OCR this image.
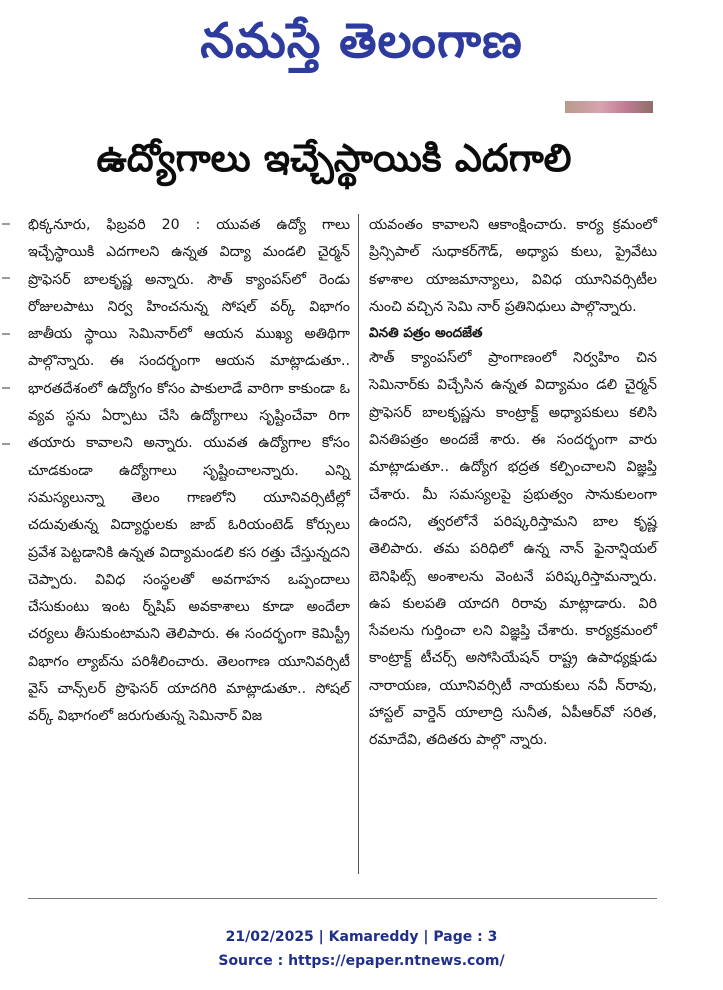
నమస్తే తెలంగాణ
ఉద్యోగాలు ఇచ్చేస్థాయికి ఎదగాలి

భిక్కనూరు, ఫిబ్రవరి 20 : యువత ఉద్యో గాలు ఇచ్చేస్థాయికి ఎదగాలని ఉన్నత విద్యా మండలి చైర్మన్ ప్రొఫెసర్ బాలకృష్ణ అన్నారు. సౌత్ క్యాంపస్‌లో రెండు రోజులపాటు నిర్వ హించనున్న సోషల్ వర్క్ విభాగం జాతీయ స్థాయి సెమినార్‌లో ఆయన ముఖ్య అతిథిగా పాల్గొన్నారు. ఈ సందర్భంగా ఆయన మాట్లాడుతూ.. భారతదేశంలో ఉద్యోగం కోసం పాకులాడే వారిగా కాకుండా ఓ వ్యవ స్థను ఏర్పాటు చేసి ఉద్యోగాలు సృష్టించేవా రిగా తయారు కావాలని అన్నారు. యువత ఉద్యోగాల కోసం చూడకుండా ఉద్యోగాలు సృష్టించాలన్నారు. ఎన్ని సమస్యలున్నా తెలం గాణలోని యూనివర్సిటీల్లో చదువుతున్న విద్యార్థులకు జాబ్ ఓరియంటెడ్ కోర్సులు ప్రవేశ పెట్టడానికి ఉన్నత విద్యామండలి కస రత్తు చేస్తున్నదని చెప్పారు. వివిధ సంస్థలతో అవగాహన ఒప్పందాలు చేసుకుంటు ఇంట ర్న్‌షిప్ అవకాశాలు కూడా అందేలా చర్యలు తీసుకుంటామని తెలిపారు. ఈ సందర్భంగా కెమిస్ట్రీ విభాగం ల్యాబ్‌ను పరిశీలించారు. తెలంగాణ యూనివర్సిటీ వైస్ చాన్స్‌లర్ ప్రొఫెసర్ యాదగిరి మాట్లాడుతూ.. సోషల్ వర్క్ విభాగంలో జరుగుతున్న సెమినార్ విజ

యవంతం కావాలని ఆకాంక్షించారు. కార్య క్రమంలో ప్రిన్సిపాల్ సుధాకర్‌గౌడ్, అధ్యాప కులు, ప్రైవేటు కళాశాల యాజమాన్యాలు, వివిధ యూనివర్సిటీల నుంచి వచ్చిన సెమి నార్ ప్రతినిధులు పాల్గొన్నారు.

వినతి పత్రం అందజేత

సౌత్ క్యాంపస్‌లో ప్రాంగాణంలో నిర్వహిం చిన సెమినార్‌కు విచ్చేసిన ఉన్నత విద్యామం డలి చైర్మన్ ప్రొఫెసర్ బాలకృష్ణను కాంట్రాక్ట్ అధ్యాపకులు కలిసి వినతిపత్రం అందజే శారు. ఈ సందర్భంగా వారు మాట్లాడుతూ.. ఉద్యోగ భద్రత కల్పించాలని విజ్ఞప్తి చేశారు. మీ సమస్యలపై ప్రభుత్వం సానుకులంగా ఉందని, త్వరలోనే పరిష్కరిస్తామని బాల కృష్ణ తెలిపారు. తమ పరిధిలో ఉన్న నాన్ ఫైనాన్షియల్ బెనిఫిట్స్ అంశాలను వెంటనే పరిష్కరిస్తామన్నారు. ఉప కులపతి యాదగి రిరావు మాట్లాడారు. విరి సేవలను గుర్తించా లని విజ్ఞప్తి చేశారు. కార్యక్రమంలో కాంట్రాక్ట్ టీచర్స్ అసోసియేషన్ రాష్ట్ర ఉపాధ్యక్షుడు నారాయణ, యూనివర్సిటీ నాయకులు నవీ న్‌రావు, హాస్టల్ వార్డెన్ యాలాద్రి సునీత, ఏపీఆర్‌వో సరిత, రమాదేవి, తదితరు పాల్గొ న్నారు.

21/02/2025 | Kamareddy | Page : 3
Source : https://epaper.ntnews.com/
